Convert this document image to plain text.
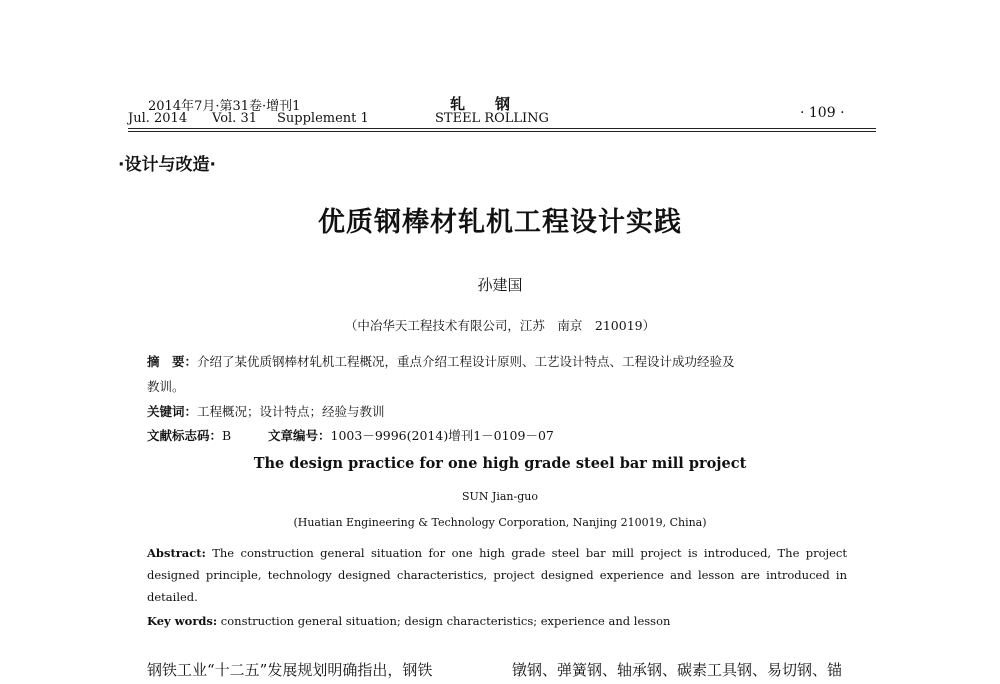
2014年7月·第31卷·增刊1
Jul. 2014 Vol. 31 Supplement 1
轧　　钢
STEEL ROLLING	· 109 ·
·设计与改造·
优质钢棒材轧机工程设计实践
孙建国
（中冶华天工程技术有限公司，江苏　南京　210019）
摘　要：介绍了某优质钢棒材轧机工程概况，重点介绍工程设计原则、工艺设计特点、工程设计成功经验及
教训。
关键词：工程概况；设计特点；经验与教训
文献标志码：B	文章编号：1003－9996(2014)增刊1－0109－07
The design practice for one high grade steel bar mill project
SUN Jian-guo
(Huatian Engineering & Technology Corporation, Nanjing 210019, China)
Abstract: The construction general situation for one high grade steel bar mill project is introduced, The project designed principle, technology designed characteristics, project designed experience and lesson are introduced in detailed.
Key words: construction general situation; design characteristics; experience and lesson
钢铁工业“十二五”发展规划明确指出，钢铁	镦钢、弹簧钢、轴承钢、碳素工具钢、易切钢、锚
